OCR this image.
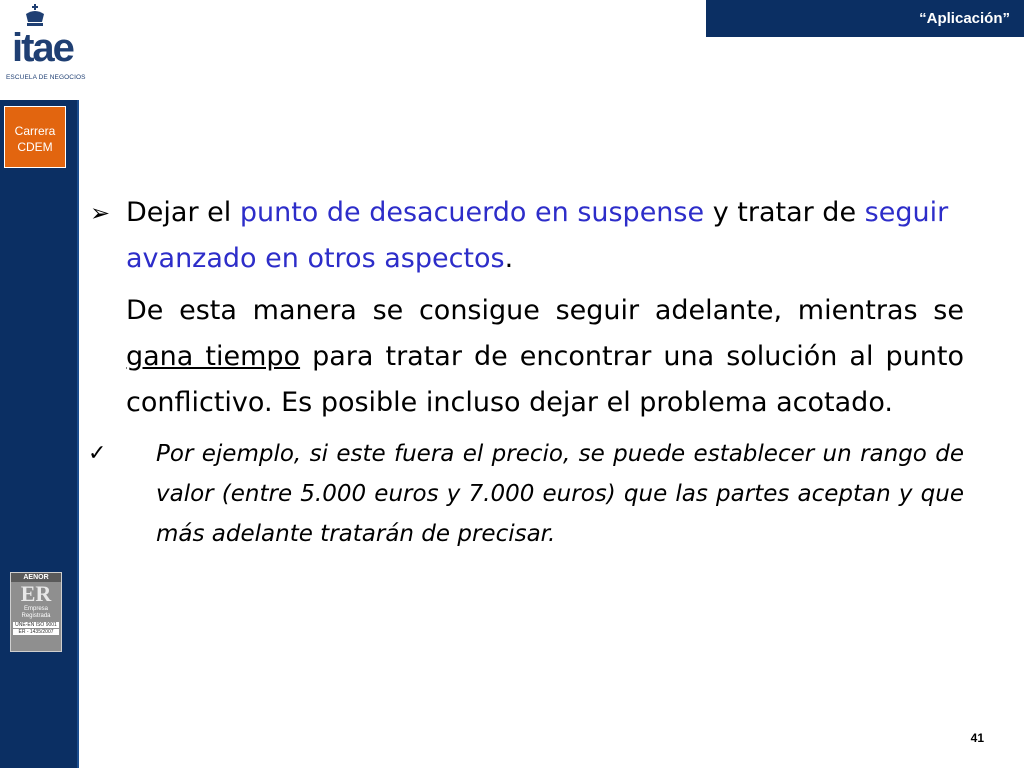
itae
ESCUELA DE NEGOCIOS
Carrera
CDEM
AENOR
ER
Empresa
Registrada
UNE-EN ISO 9001
ER - 1435/2007
“Aplicación”
➢ Dejar el punto de desacuerdo en suspense y tratar de seguir avanzado en otros aspectos.
De esta manera se consigue seguir adelante, mientras se gana tiempo para tratar de encontrar una solución al punto conflictivo. Es posible incluso dejar el problema acotado.
✓ Por ejemplo, si este fuera el precio, se puede establecer un rango de valor (entre 5.000 euros y 7.000 euros) que las partes aceptan y que más adelante tratarán de precisar.
41
